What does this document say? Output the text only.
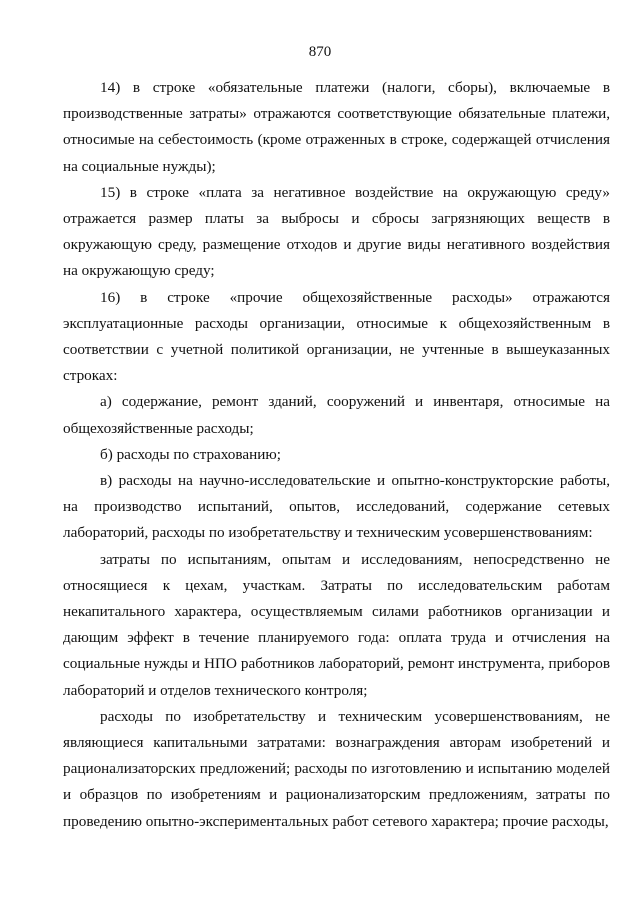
870

14) в строке «обязательные платежи (налоги, сборы), включаемые в производственные затраты» отражаются соответствующие обязательные платежи, относимые на себестоимость (кроме отраженных в строке, содержащей отчисления на социальные нужды);

15) в строке «плата за негативное воздействие на окружающую среду» отражается размер платы за выбросы и сбросы загрязняющих веществ в окружающую среду, размещение отходов и другие виды негативного воздействия на окружающую среду;

16) в строке «прочие общехозяйственные расходы» отражаются эксплуатационные расходы организации, относимые к общехозяйственным в соответствии с учетной политикой организации, не учтенные в вышеуказанных строках:

а) содержание, ремонт зданий, сооружений и инвентаря, относимые на общехозяйственные расходы;

б) расходы по страхованию;

в) расходы на научно-исследовательские и опытно-конструкторские работы, на производство испытаний, опытов, исследований, содержание сетевых лабораторий, расходы по изобретательству и техническим усовершенствованиям:

затраты по испытаниям, опытам и исследованиям, непосредственно не относящиеся к цехам, участкам. Затраты по исследовательским работам некапитального характера, осуществляемым силами работников организации и дающим эффект в течение планируемого года: оплата труда и отчисления на социальные нужды и НПО работников лабораторий, ремонт инструмента, приборов лабораторий и отделов технического контроля;

расходы по изобретательству и техническим усовершенствованиям, не являющиеся капитальными затратами: вознаграждения авторам изобретений и рационализаторских предложений; расходы по изготовлению и испытанию моделей и образцов по изобретениям и рационализаторским предложениям, затраты по проведению опытно-экспериментальных работ сетевого характера; прочие расходы,
